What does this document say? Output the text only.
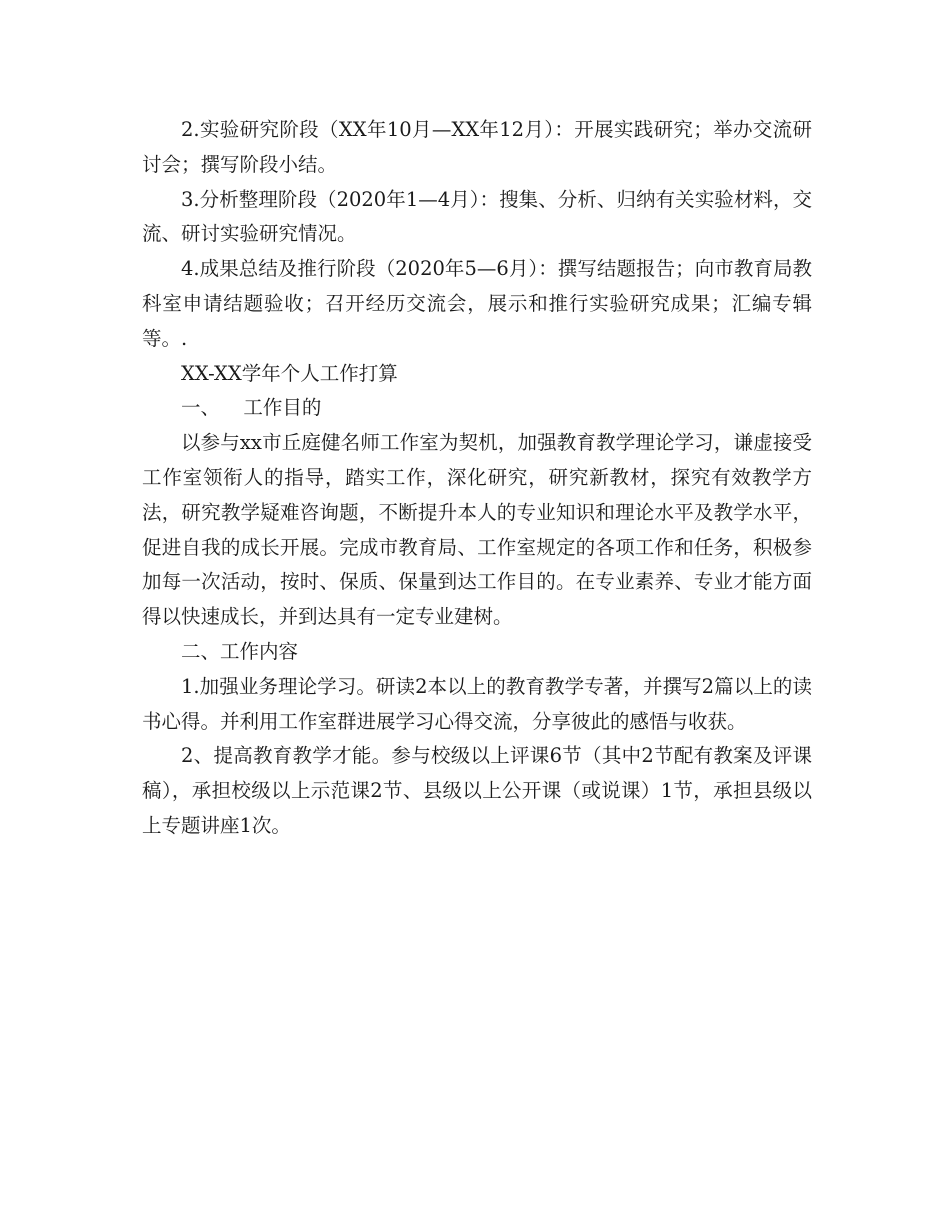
2.实验研究阶段（XX年10月—XX年12月）：开展实践研究；举办交流研讨会；撰写阶段小结。

3.分析整理阶段（2020年1—4月）：搜集、分析、归纳有关实验材料，交流、研讨实验研究情况。

4.成果总结及推行阶段（2020年5—6月）：撰写结题报告；向市教育局教科室申请结题验收；召开经历交流会，展示和推行实验研究成果；汇编专辑等。.

XX-XX学年个人工作打算

一、 工作目的

以参与xx市丘庭健名师工作室为契机，加强教育教学理论学习，谦虚接受工作室领衔人的指导，踏实工作，深化研究，研究新教材，探究有效教学方法，研究教学疑难咨询题，不断提升本人的专业知识和理论水平及教学水平，促进自我的成长开展。完成市教育局、工作室规定的各项工作和任务，积极参加每一次活动，按时、保质、保量到达工作目的。在专业素养、专业才能方面得以快速成长，并到达具有一定专业建树。

二、工作内容

1.加强业务理论学习。研读2本以上的教育教学专著，并撰写2篇以上的读书心得。并利用工作室群进展学习心得交流，分享彼此的感悟与收获。

2、提高教育教学才能。参与校级以上评课6节（其中2节配有教案及评课稿），承担校级以上示范课2节、县级以上公开课（或说课）1节，承担县级以上专题讲座1次。
